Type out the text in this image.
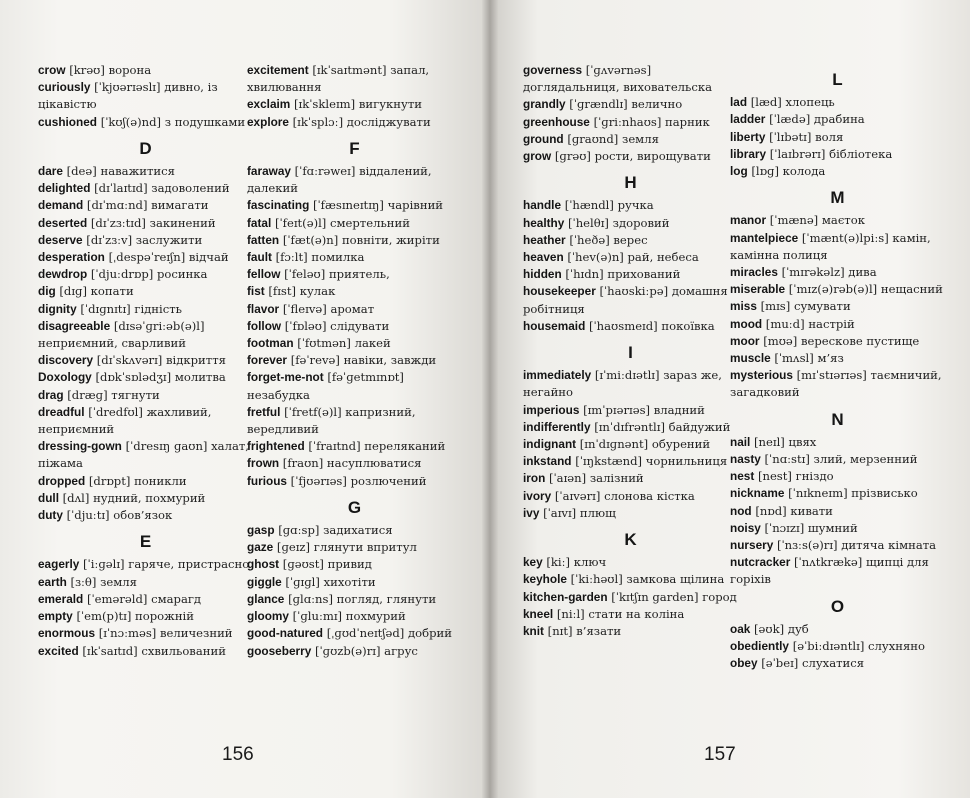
crow [krəʊ] ворона
curiously [ˈkjʊərɪəslɪ] дивно, із цікавістю
cushioned [ˈkʊʃ(ə)nd] з подушками
D
dare [deə] наважитися
delighted [dɪˈlaɪtɪd] задоволений
demand [dɪˈmɑːnd] вимагати
deserted [dɪˈzɜːtɪd] закинений
deserve [dɪˈzɜːv] заслужити
desperation [ˌdespəˈreɪʃn] відчай
dewdrop [ˈdjuːdrɒp] росинка
dig [dɪɡ] копати
dignity [ˈdɪɡnɪtɪ] гідність
disagreeable [dɪsəˈɡriːəb(ə)l] неприємний, сварливий
discovery [dɪˈskʌvərɪ] відкриття
Doxology [dɒkˈsɒlədʒɪ] молитва
drag [dræɡ] тягнути
dreadful [ˈdredfʊl] жахливий, неприємний
dressing-gown [ˈdresɪŋ ɡaʊn] халат, піжама
dropped [drɒpt] поникли
dull [dʌl] нудний, похмурий
duty [ˈdjuːtɪ] обов’язок
E
eagerly [ˈiːɡəlɪ] гаряче, пристрасно
earth [ɜːθ] земля
emerald [ˈemərəld] смарагд
empty [ˈem(p)tɪ] порожній
enormous [ɪˈnɔːməs] величезний
excited [ɪkˈsaɪtɪd] схвильований
excitement [ɪkˈsaɪtmənt] запал, хвилювання
exclaim [ɪkˈskleɪm] вигукнути
explore [ɪkˈsplɔː] досліджувати
F
faraway [ˈfɑːrəweɪ] віддалений, далекий
fascinating [ˈfæsɪneɪtɪŋ] чарівний
fatal [ˈfeɪt(ə)l] смертельний
fatten [ˈfæt(ə)n] повніти, жиріти
fault [fɔːlt] помилка
fellow [ˈfeləʊ] приятель,
fist [fɪst] кулак
flavor [ˈfleɪvə] аромат
follow [ˈfɒləʊ] слідувати
footman [ˈfʊtmən] лакей
forever [fəˈrevə] навіки, завжди
forget-me-not [fəˈɡetmɪnɒt] незабудка
fretful [ˈfretf(ə)l] капризний, вередливий
frightened [ˈfraɪtnd] переляканий
frown [fraʊn] насуплюватися
furious [ˈfjʊərɪəs] розлючений
G
gasp [ɡɑːsp] задихатися
gaze [ɡeɪz] глянути впритул
ghost [ɡəʊst] привид
giggle [ˈɡɪɡl] хихотіти
glance [ɡlɑːns] погляд, глянути
gloomy [ˈɡluːmɪ] похмурий
good-natured [ˌɡʊdˈneɪtʃəd] добрий
gooseberry [ˈɡʊzb(ə)rɪ] агрус
156
governess [ˈɡʌvərnəs] доглядальниця, виховательска
grandly [ˈɡrændlɪ] велично
greenhouse [ˈɡriːnhaʊs] парник
ground [ɡraʊnd] земля
grow [ɡrəʊ] рости, вирощувати
H
handle [ˈhændl] ручка
healthy [ˈhelθɪ] здоровий
heather [ˈheðə] верес
heaven [ˈhev(ə)n] рай, небеса
hidden [ˈhɪdn] прихований
housekeeper [ˈhaʊskiːpə] домашня робітниця
housemaid [ˈhaʊsmeɪd] покоївка
I
immediately [ɪˈmiːdɪətlɪ] зараз же, негайно
imperious [ɪmˈpɪərɪəs] владний
indifferently [ɪnˈdɪfrəntlɪ] байдужий
indignant [ɪnˈdɪɡnənt] обурений
inkstand [ˈɪŋkstænd] чорнильниця
iron [ˈaɪən] залізний
ivory [ˈaɪvərɪ] слонова кістка
ivy [ˈaɪvɪ] плющ
K
key [kiː] ключ
keyhole [ˈkiːhəʊl] замкова щілина
kitchen-garden [ˈkɪtʃɪn garden] город
kneel [niːl] стати на коліна
knit [nɪt] в’язати
L
lad [læd] хлопець
ladder [ˈlædə] драбина
liberty [ˈlɪbətɪ] воля
library [ˈlaɪbrərɪ] бібліотека
log [lɒɡ] колода
M
manor [ˈmænə] маєток
mantelpiece [ˈmænt(ə)lpiːs] камін, камінна полиця
miracles [ˈmɪrəkəlz] дива
miserable [ˈmɪz(ə)rəb(ə)l] нещасний
miss [mɪs] сумувати
mood [muːd] настрій
moor [mʊə] верескове пустище
muscle [ˈmʌsl] м’яз
mysterious [mɪˈstɪərɪəs] таємничий, загадковий
N
nail [neɪl] цвях
nasty [ˈnɑːstɪ] злий, мерзенний
nest [nest] гніздо
nickname [ˈnɪkneɪm] прізвисько
nod [nɒd] кивати
noisy [ˈnɔɪzɪ] шумний
nursery [ˈnɜːs(ə)rɪ] дитяча кімната
nutcracker [ˈnʌtkrækə] щипці для горіхів
O
oak [əʊk] дуб
obediently [əˈbiːdɪəntlɪ] слухняно
obey [əˈbeɪ] слухатися
157
